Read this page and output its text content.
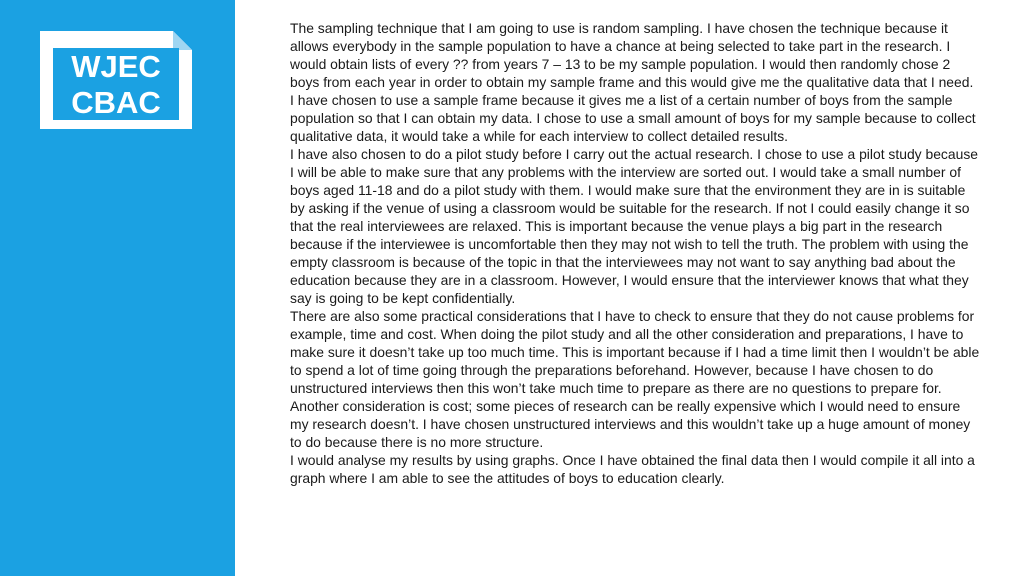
WJEC
CBAC

The sampling technique that I am going to use is random sampling. I have chosen the technique because it allows everybody in the sample population to have a chance at being selected to take part in the research. I would obtain lists of every ?? from years 7 – 13 to be my sample population. I would then randomly chose 2 boys from each year in order to obtain my sample frame and this would give me the qualitative data that I need. I have chosen to use a sample frame because it gives me a list of a certain number of boys from the sample population so that I can obtain my data. I chose to use a small amount of boys for my sample because to collect qualitative data, it would take a while for each interview to collect detailed results.

I have also chosen to do a pilot study before I carry out the actual research. I chose to use a pilot study because I will be able to make sure that any problems with the interview are sorted out. I would take a small number of boys aged 11-18 and do a pilot study with them. I would make sure that the environment they are in is suitable by asking if the venue of using a classroom would be suitable for the research. If not I could easily change it so that the real interviewees are relaxed. This is important because the venue plays a big part in the research because if the interviewee is uncomfortable then they may not wish to tell the truth. The problem with using the empty classroom is because of the topic in that the interviewees may not want to say anything bad about the education because they are in a classroom. However, I would ensure that the interviewer knows that what they say is going to be kept confidentially.

There are also some practical considerations that I have to check to ensure that they do not cause problems for example, time and cost. When doing the pilot study and all the other consideration and preparations, I have to make sure it doesn’t take up too much time. This is important because if I had a time limit then I wouldn’t be able to spend a lot of time going through the preparations beforehand. However, because I have chosen to do unstructured interviews then this won’t take much time to prepare as there are no questions to prepare for. Another consideration is cost; some pieces of research can be really expensive which I would need to ensure my research doesn’t. I have chosen unstructured interviews and this wouldn’t take up a huge amount of money to do because there is no more structure.

I would analyse my results by using graphs. Once I have obtained the final data then I would compile it all into a graph where I am able to see the attitudes of boys to education clearly.
